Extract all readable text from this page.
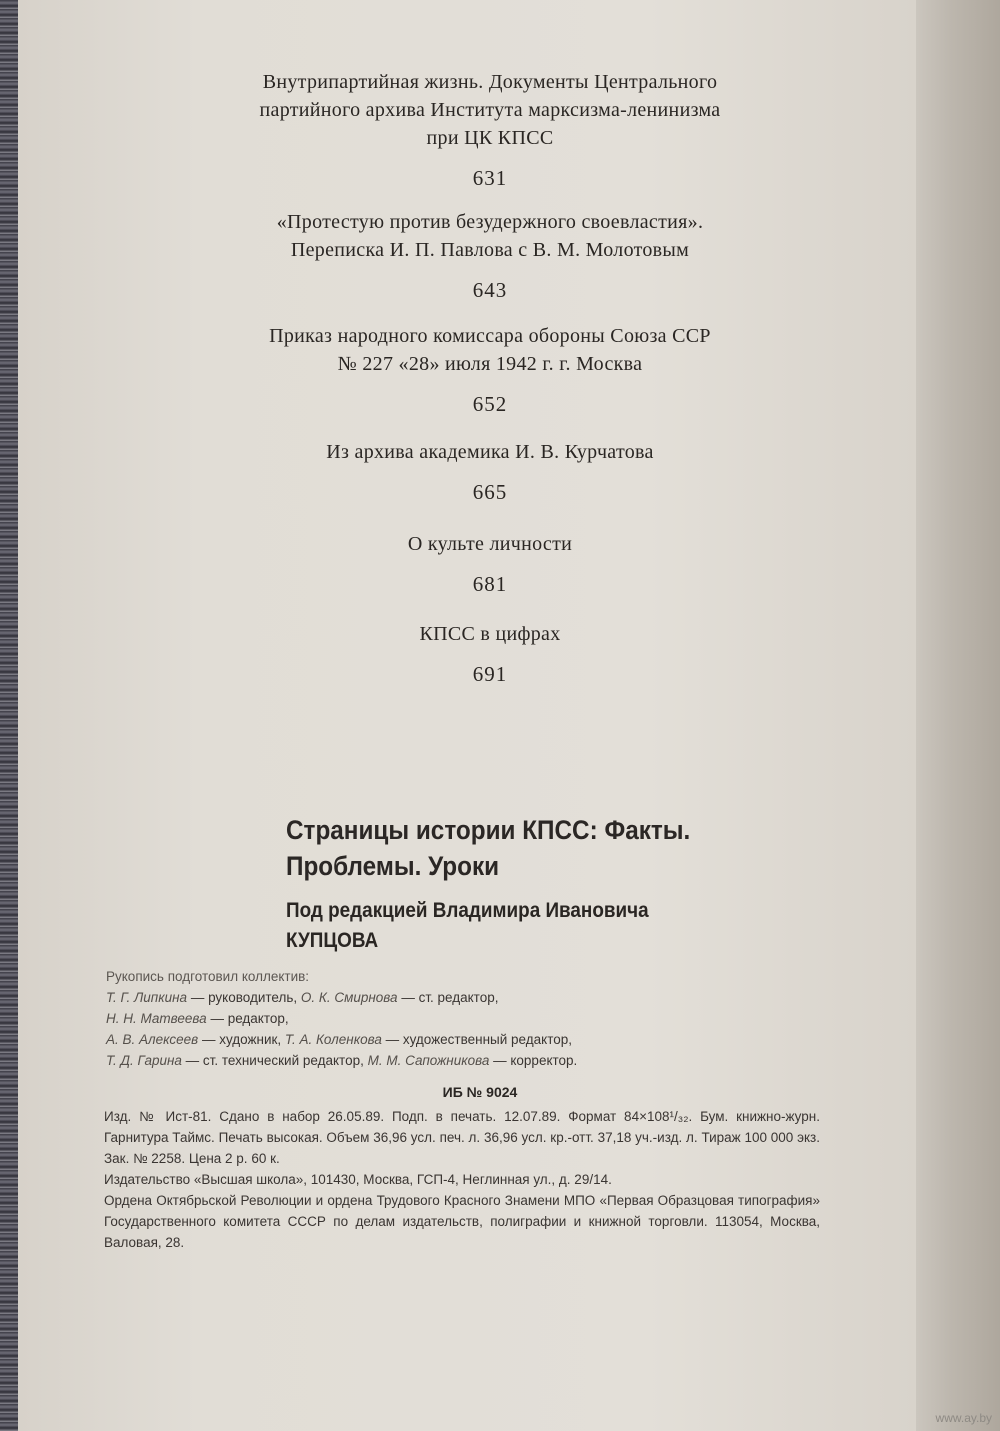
Внутрипартийная жизнь. Документы Центрального
партийного архива Института марксизма-ленинизма
при ЦК КПСС
631
«Протестую против безудержного своевластия».
Переписка И. П. Павлова с В. М. Молотовым
643
Приказ народного комиссара обороны Союза ССР
№ 227 «28» июля 1942 г. г. Москва
652
Из архива академика И. В. Курчатова
665
О культе личности
681
КПСС в цифрах
691
Страницы истории КПСС: Факты.
Проблемы. Уроки
Под редакцией Владимира Ивановича
КУПЦОВА
Рукопись подготовил коллектив:
Т. Г. Липкина — руководитель, О. К. Смирнова — ст. редактор,
Н. Н. Матвеева — редактор,
А. В. Алексеев — художник, Т. А. Коленкова — художественный редактор,
Т. Д. Гарина — ст. технический редактор, М. М. Сапожникова — корректор.
ИБ № 9024

Изд. № Ист-81. Сдано в набор 26.05.89. Подп. в печать. 12.07.89. Формат 84×108¹/₃₂. Бум. книжно-журн. Гарнитура Таймс. Печать высокая. Объем 36,96 усл. печ. л. 36,96 усл. кр.-отт. 37,18 уч.-изд. л. Тираж 100 000 экз. Зак. № 2258. Цена 2 р. 60 к.

Издательство «Высшая школа», 101430, Москва, ГСП-4, Неглинная ул., д. 29/14.

Ордена Октябрьской Революции и ордена Трудового Красного Знамени МПО «Первая Образцовая типография» Государственного комитета СССР по делам издательств, полиграфии и книжной торговли. 113054, Москва, Валовая, 28.

www.ay.by
